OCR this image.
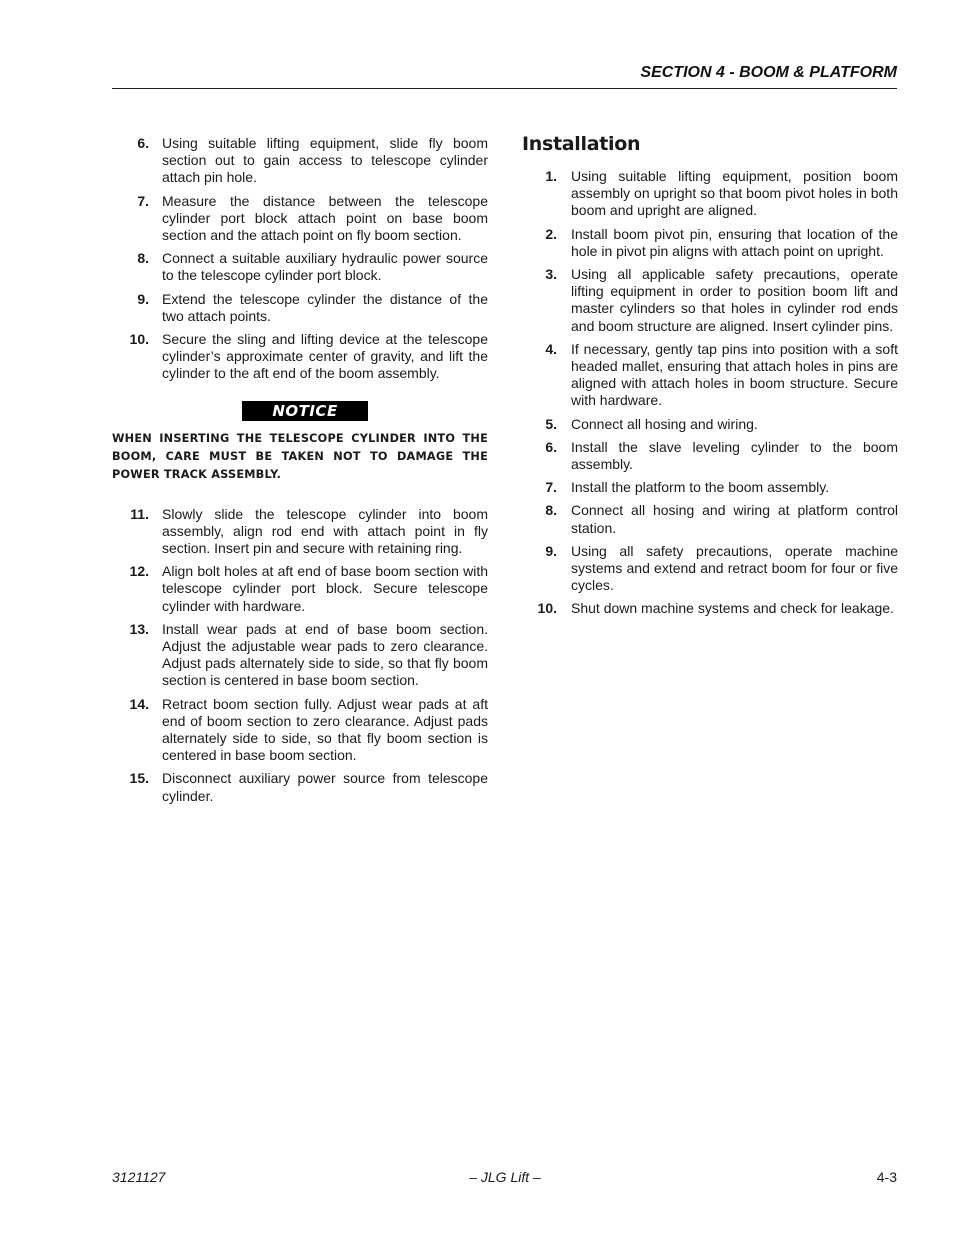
SECTION 4 - BOOM & PLATFORM
6. Using suitable lifting equipment, slide fly boom section out to gain access to telescope cylinder attach pin hole.
7. Measure the distance between the telescope cylinder port block attach point on base boom section and the attach point on fly boom section.
8. Connect a suitable auxiliary hydraulic power source to the telescope cylinder port block.
9. Extend the telescope cylinder the distance of the two attach points.
10. Secure the sling and lifting device at the telescope cylinder’s approximate center of gravity, and lift the cylinder to the aft end of the boom assembly.
NOTICE

WHEN INSERTING THE TELESCOPE CYLINDER INTO THE BOOM, CARE MUST BE TAKEN NOT TO DAMAGE THE POWER TRACK ASSEMBLY.

11. Slowly slide the telescope cylinder into boom assembly, align rod end with attach point in fly section. Insert pin and secure with retaining ring.
12. Align bolt holes at aft end of base boom section with telescope cylinder port block. Secure telescope cylinder with hardware.
13. Install wear pads at end of base boom section. Adjust the adjustable wear pads to zero clearance. Adjust pads alternately side to side, so that fly boom section is centered in base boom section.
14. Retract boom section fully. Adjust wear pads at aft end of boom section to zero clearance. Adjust pads alternately side to side, so that fly boom section is centered in base boom section.
15. Disconnect auxiliary power source from telescope cylinder.
Installation
1. Using suitable lifting equipment, position boom assembly on upright so that boom pivot holes in both boom and upright are aligned.
2. Install boom pivot pin, ensuring that location of the hole in pivot pin aligns with attach point on upright.
3. Using all applicable safety precautions, operate lifting equipment in order to position boom lift and master cylinders so that holes in cylinder rod ends and boom structure are aligned. Insert cylinder pins.
4. If necessary, gently tap pins into position with a soft headed mallet, ensuring that attach holes in pins are aligned with attach holes in boom structure. Secure with hardware.
5. Connect all hosing and wiring.
6. Install the slave leveling cylinder to the boom assembly.
7. Install the platform to the boom assembly.
8. Connect all hosing and wiring at platform control station.
9. Using all safety precautions, operate machine systems and extend and retract boom for four or five cycles.
10. Shut down machine systems and check for leakage.
3121127	– JLG Lift –	4-3
